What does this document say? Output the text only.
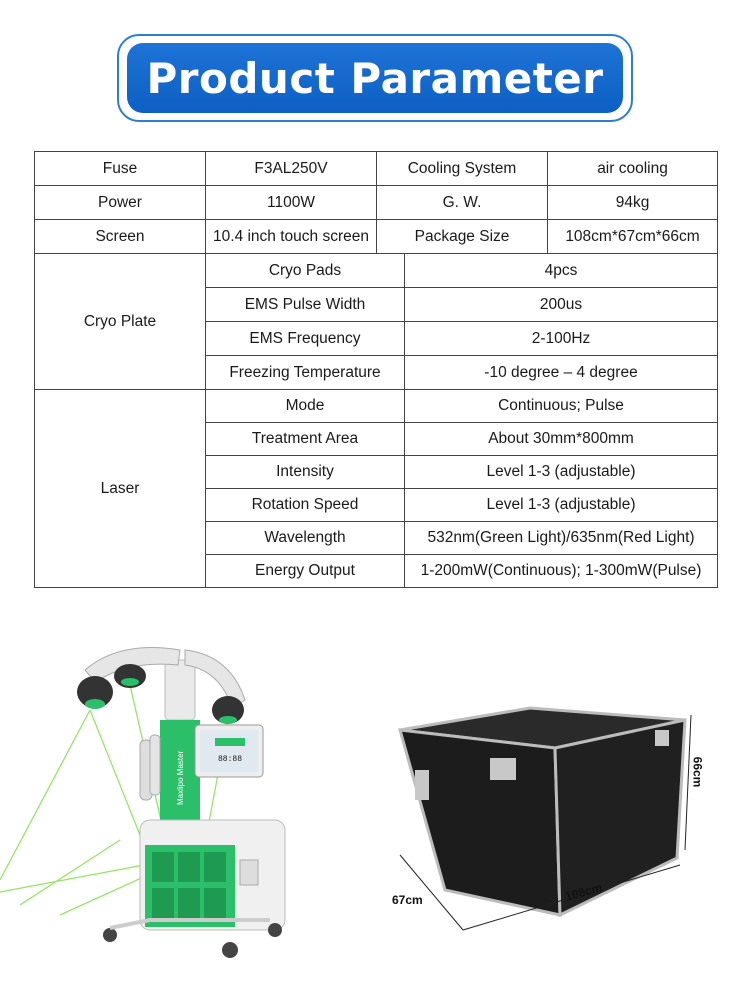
Product Parameter
Fuse	F3AL250V	Cooling System		air cooling
Power	1100W	G. W.		94kg
Screen	10.4 inch touch screen	Package Size		108cm*67cm*66cm
Cryo Plate	Cryo Pads		4pcs	
	EMS Pulse Width		200us	
	EMS Frequency		2-100Hz	
	Freezing Temperature		-10 degree – 4 degree	
Laser	Mode		Continuous; Pulse	
	Treatment Area		About 30mm*800mm	
	Intensity		Level 1-3 (adjustable)	
	Rotation Speed		Level 1-3 (adjustable)	
	Wavelength		532nm(Green Light)/635nm(Red Light)	
	Energy Output		1-200mW(Continuous); 1-300mW(Pulse)	
Maxlipo Master	88:88
67cm	108cm
66cm
